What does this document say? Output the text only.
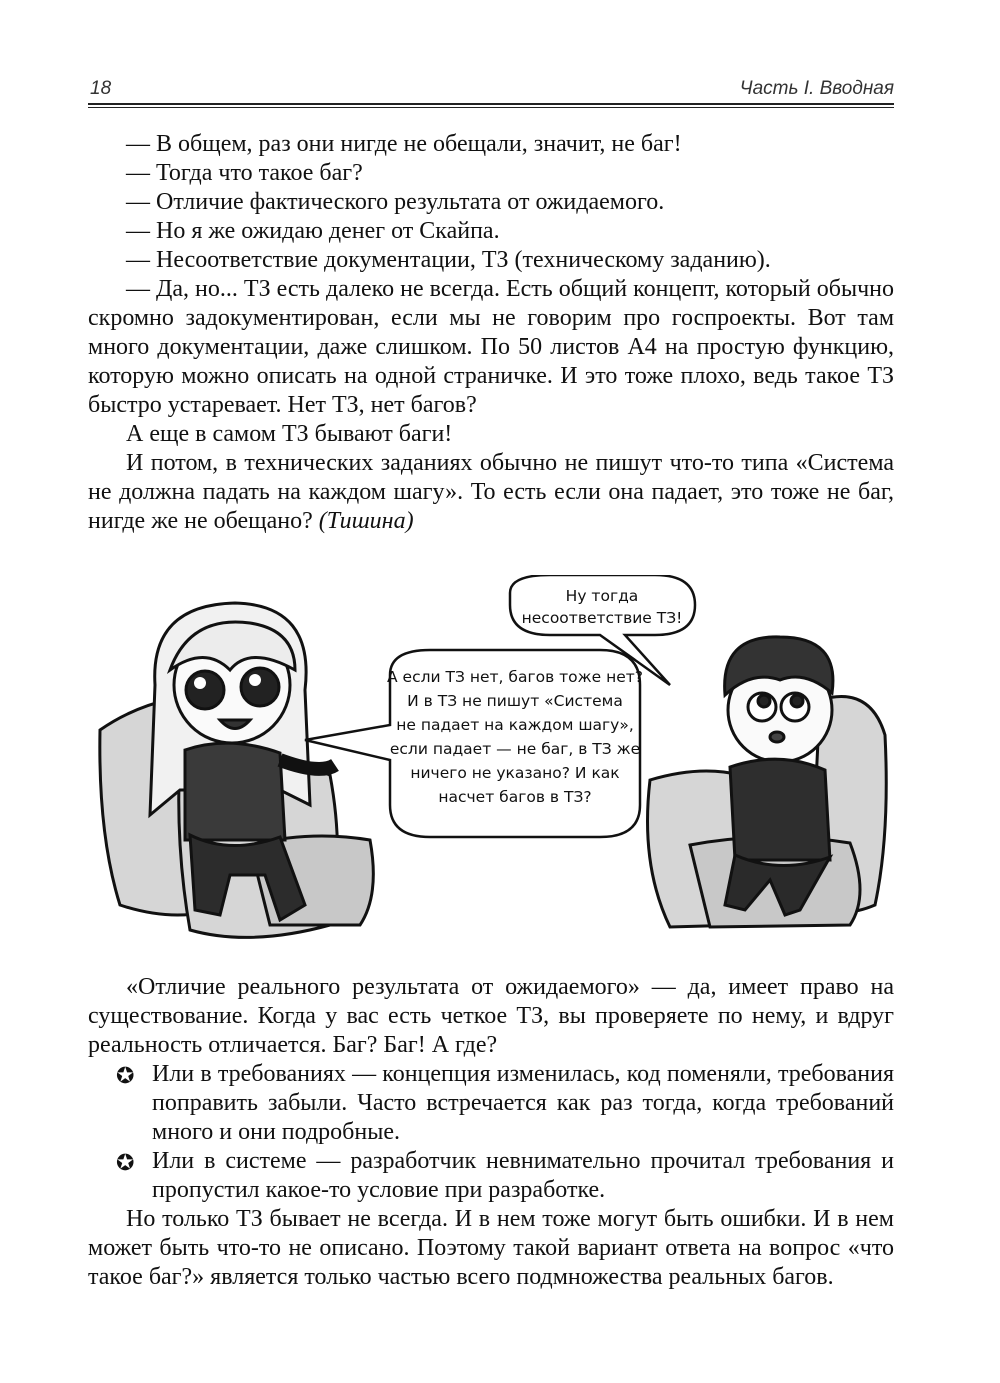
18	Часть I. Вводная

— В общем, раз они нигде не обещали, значит, не баг!

— Тогда что такое баг?

— Отличие фактического результата от ожидаемого.

— Но я же ожидаю денег от Скайпа.

— Несоответствие документации, ТЗ (техническому заданию).

— Да, но... ТЗ есть далеко не всегда. Есть общий концепт, который обычно скромно задокументирован, если мы не говорим про госпроекты. Вот там много документации, даже слишком. По 50 листов А4 на простую функцию, которую можно описать на одной страничке. И это тоже плохо, ведь такое ТЗ быстро устаревает. Нет ТЗ, нет багов?

А еще в самом ТЗ бывают баги!

И потом, в технических заданиях обычно не пишут что-то типа «Система не должна падать на каждом шагу». То есть если она падает, это тоже не баг, нигде же не обещано? (Тишина)

Ну тогда
несоответствие ТЗ!
А если ТЗ нет, багов тоже нет?
И в ТЗ не пишут «Система
не падает на каждом шагу»,
если падает — не баг, в ТЗ же
ничего не указано? И как
насчет багов в ТЗ?

«Отличие реального результата от ожидаемого» — да, имеет право на существование. Когда у вас есть четкое ТЗ, вы проверяете по нему, и вдруг реальность отличается. Баг? Баг! А где?

✪ Или в требованиях — концепция изменилась, код поменяли, требования поправить забыли. Часто встречается как раз тогда, когда требований много и они подробные.
✪ Или в системе — разработчик невнимательно прочитал требования и пропустил какое-то условие при разработке.

Но только ТЗ бывает не всегда. И в нем тоже могут быть ошибки. И в нем может быть что-то не описано. Поэтому такой вариант ответа на вопрос «что такое баг?» является только частью всего подмножества реальных багов.
